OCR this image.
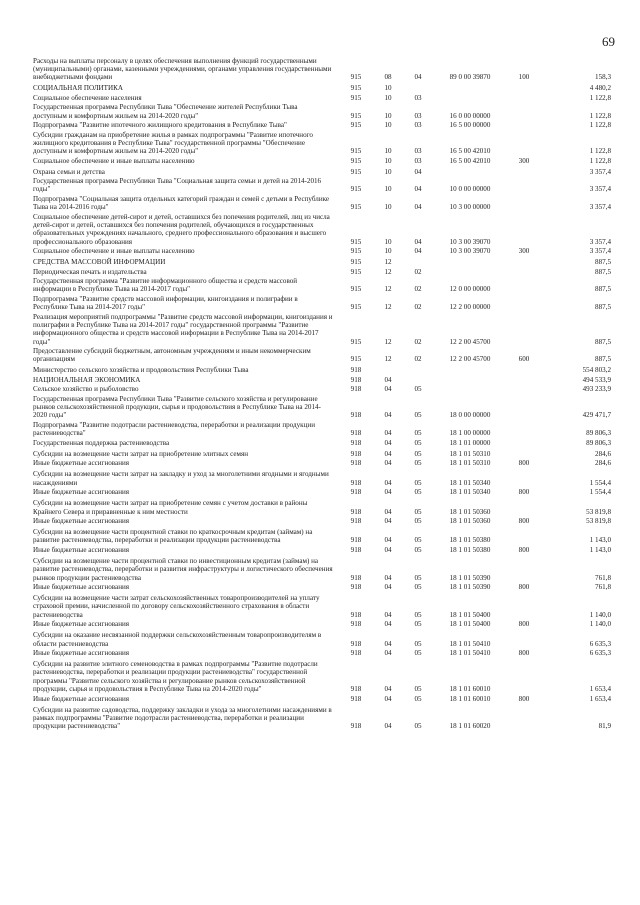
69
Расходы на выплаты персоналу в целях обеспечения выполнения функций государственными (муниципальными) органами, казенными учреждениями, органами управления государственными внебюджетными фондами	915	08	04	89 0 00 39870	100	158,3
СОЦИАЛЬНАЯ ПОЛИТИКА	915	10	4 480,2
Социальное обеспечение населения	915	10	03	1 122,8
Государственная программа Республики Тыва "Обеспечение жителей Республики Тыва доступным и комфортным жильем на 2014-2020 годы"	915	10	03	16 0 00 00000	1 122,8
Подпрограмма "Развитие ипотечного жилищного кредитования в Республике Тыва"	915	10	03	16 5 00 00000	1 122,8
Субсидии гражданам на приобретение жилья в рамках подпрограммы "Развитие ипотечного жилищного кредитования в Республике Тыва" государственной программы "Обеспечение доступным и комфортным жильем на 2014-2020 годы"	915	10	03	16 5 00 42010	1 122,8
Социальное обеспечение и иные выплаты населению	915	10	03	16 5 00 42010	300	1 122,8
Охрана семьи и детства	915	10	04	3 357,4
Государственная программа Республики Тыва "Социальная защита семьи и детей на 2014-2016 годы"	915	10	04	10 0 00 00000	3 357,4
Подпрограмма "Социальная защита отдельных категорий граждан и семей с детьми в Республике Тыва на 2014-2016 годы"	915	10	04	10 3 00 00000	3 357,4
Социальное обеспечение детей-сирот и детей, оставшихся без попечения родителей, лиц из числа детей-сирот и детей, оставшихся без попечения родителей, обучающихся в государственных образовательных учреждениях начального, среднего профессионального образования и высшего профессионального образования	915	10	04	10 3 00 39070	3 357,4
Социальное обеспечение и иные выплаты населению	915	10	04	10 3 00 39070	300	3 357,4
СРЕДСТВА МАССОВОЙ ИНФОРМАЦИИ	915	12	887,5
Периодическая печать и издательства	915	12	02	887,5
Государственная программа "Развитие информационного общества и средств массовой информации в Республике Тыва на 2014-2017 годы"	915	12	02	12 0 00 00000	887,5
Подпрограмма "Развитие средств массовой информации, книгоиздания и полиграфии в Республике Тыва на 2014-2017 годы"	915	12	02	12 2 00 00000	887,5
Реализация мероприятий подпрограммы "Развитие средств массовой информации, книгоиздания и полиграфии в Республике Тыва на 2014-2017 годы" государственной программы "Развитие информационного общества и средств массовой информации в Республике Тыва на 2014-2017 годы"	915	12	02	12 2 00 45700	887,5
Предоставление субсидий бюджетным, автономным учреждениям и иным некоммерческим организациям	915	12	02	12 2 00 45700	600	887,5
Министерство сельского хозяйства и продовольствия Республики Тыва	918	554 803,2
НАЦИОНАЛЬНАЯ ЭКОНОМИКА	918	04	494 533,9
Сельское хозяйство и рыболовство	918	04	05	493 233,9
Государственная программа Республики Тыва "Развитие сельского хозяйства и регулирование рынков сельскохозяйственной продукции, сырья и продовольствия в Республике Тыва на 2014-2020 годы"	918	04	05	18 0 00 00000	429 471,7
Подпрограмма "Развитие подотрасли растениеводства, переработки и реализации продукции растениеводства"	918	04	05	18 1 00 00000	89 806,3
Государственная поддержка растениеводства	918	04	05	18 1 01 00000	89 806,3
Субсидии на возмещение части затрат на приобретение элитных семян	918	04	05	18 1 01 50310	284,6
Иные бюджетные ассигнования	918	04	05	18 1 01 50310	800	284,6
Субсидии на возмещение части затрат на закладку и уход за многолетними ягодными и ягодными насаждениями	918	04	05	18 1 01 50340	1 554,4
Иные бюджетные ассигнования	918	04	05	18 1 01 50340	800	1 554,4
Субсидии на возмещение части затрат на приобретение семян с учетом доставки в районы Крайнего Севера и приравненные к ним местности	918	04	05	18 1 01 50360	53 819,8
Иные бюджетные ассигнования	918	04	05	18 1 01 50360	800	53 819,8
Субсидии на возмещение части процентной ставки по краткосрочным кредитам (займам) на развитие растениеводства, переработки и реализации продукции растениеводства	918	04	05	18 1 01 50380	1 143,0
Иные бюджетные ассигнования	918	04	05	18 1 01 50380	800	1 143,0
Субсидии на возмещение части процентной ставки по инвестиционным кредитам (займам) на развитие растениеводства, переработки и развития инфраструктуры и логистического обеспечения рынков продукции растениеводства	918	04	05	18 1 01 50390	761,8
Иные бюджетные ассигнования	918	04	05	18 1 01 50390	800	761,8
Субсидии на возмещение части затрат сельскохозяйственных товаропроизводителей на уплату страховой премии, начисленной по договору сельскохозяйственного страхования в области растениеводства	918	04	05	18 1 01 50400	1 140,0
Иные бюджетные ассигнования	918	04	05	18 1 01 50400	800	1 140,0
Субсидии на оказание несвязанной поддержки сельскохозяйственным товаропроизводителям в области растениеводства	918	04	05	18 1 01 50410	6 635,3
Иные бюджетные ассигнования	918	04	05	18 1 01 50410	800	6 635,3
Субсидии на развитие элитного семеноводства в рамках подпрограммы "Развитие подотрасли растениеводства, переработки и реализации продукции растениеводства" государственной программы "Развитие сельского хозяйства и регулирование рынков сельскохозяйственной продукции, сырья и продовольствия в Республике Тыва на 2014-2020 годы"	918	04	05	18 1 01 60010	1 653,4
Иные бюджетные ассигнования	918	04	05	18 1 01 60010	800	1 653,4
Субсидии на развитие садоводства, поддержку закладки и ухода за многолетними насаждениями в рамках подпрограммы "Развитие подотрасли растениеводства, переработки и реализации продукции растениеводства"	918	04	05	18 1 01 60020	81,9
